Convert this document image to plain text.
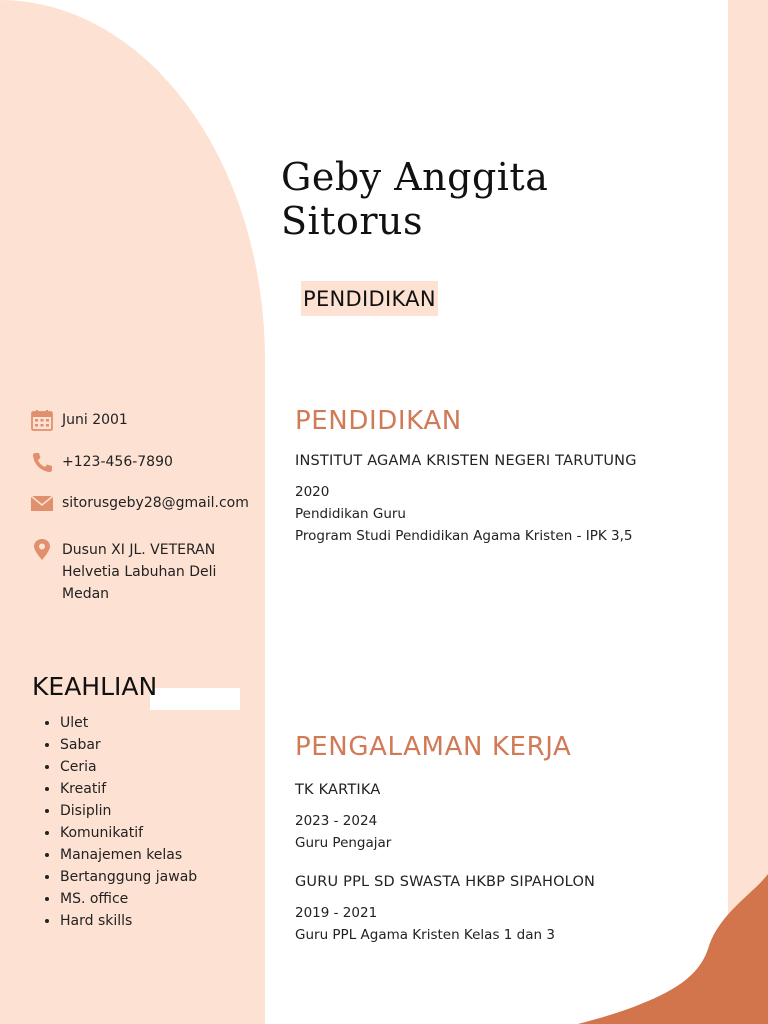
Geby Anggita
Sitorus
PENDIDIKAN
Juni 2001
+123-456-7890
sitorusgeby28@gmail.com
Dusun XI JL. VETERAN Helvetia Labuhan Deli Medan
KEAHLIAN
• Ulet
• Sabar
• Ceria
• Kreatif
• Disiplin
• Komunikatif
• Manajemen kelas
• Bertanggung jawab
• MS. office
• Hard skills
PENDIDIKAN
INSTITUT AGAMA KRISTEN NEGERI TARUTUNG
2020
Pendidikan Guru
Program Studi Pendidikan Agama Kristen - IPK 3,5
PENGALAMAN KERJA
TK KARTIKA
2023 - 2024
Guru Pengajar
GURU PPL SD SWASTA HKBP SIPAHOLON
2019 - 2021
Guru PPL Agama Kristen Kelas 1 dan 3
